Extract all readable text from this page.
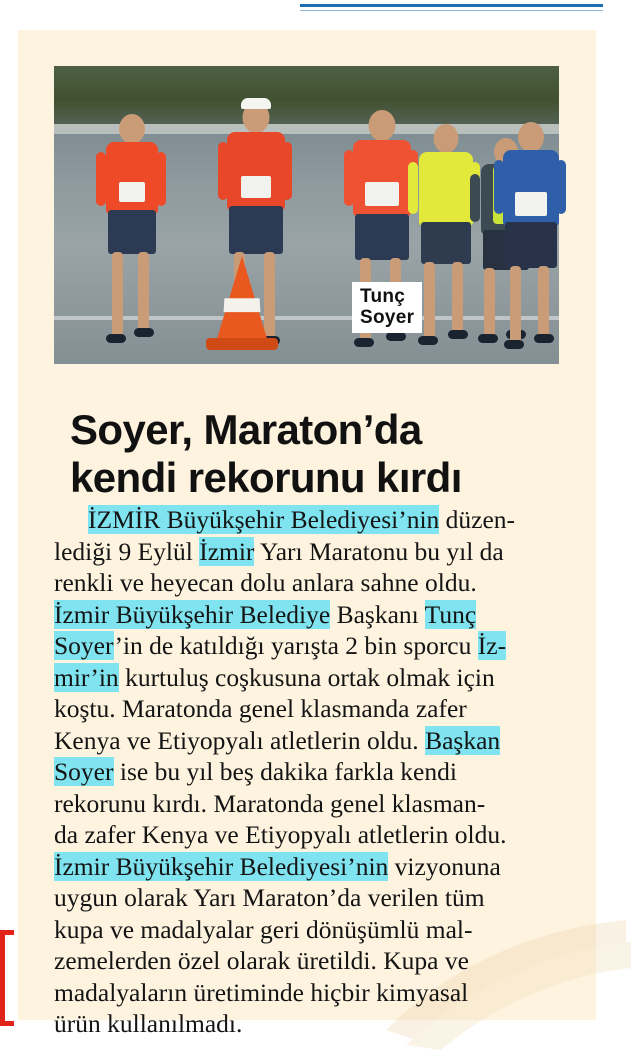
Tunç
Soyer
Soyer, Maraton’da
kendi rekorunu kırdı
İZMİR Büyükşehir Belediyesi’nin düzen-
lediği 9 Eylül İzmir Yarı Maratonu bu yıl da
renkli ve heyecan dolu anlara sahne oldu.
İzmir Büyükşehir Belediye Başkanı Tunç
Soyer’in de katıldığı yarışta 2 bin sporcu İz-
mir’in kurtuluş coşkusuna ortak olmak için
koştu. Maratonda genel klasmanda zafer
Kenya ve Etiyopyalı atletlerin oldu. Başkan
Soyer ise bu yıl beş dakika farkla kendi
rekorunu kırdı. Maratonda genel klasman-
da zafer Kenya ve Etiyopyalı atletlerin oldu.
İzmir Büyükşehir Belediyesi’nin vizyonuna
uygun olarak Yarı Maraton’da verilen tüm
kupa ve madalyalar geri dönüşümlü mal-
zemelerden özel olarak üretildi. Kupa ve
madalyaların üretiminde hiçbir kimyasal
ürün kullanılmadı.
